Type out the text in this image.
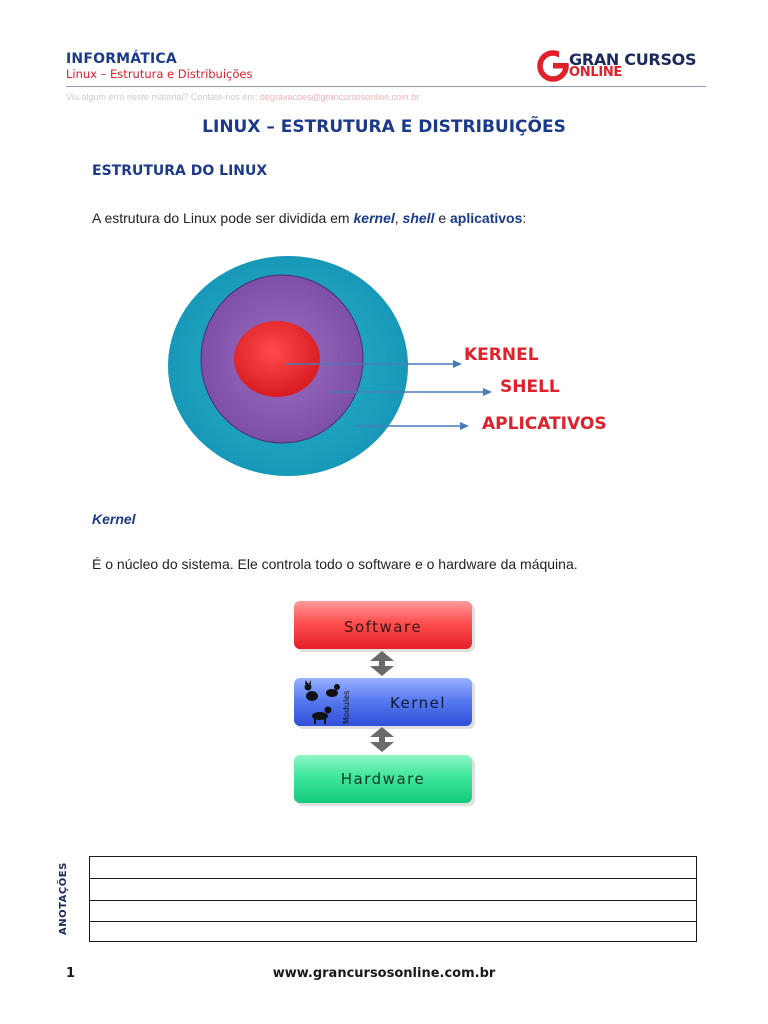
INFORMÁTICA
Linux – Estrutura e Distribuições
GRAN CURSOS
ONLINE
Viu algum erro neste material? Contate-nos em: degravacoes@grancursosonline.com.br
LINUX – ESTRUTURA E DISTRIBUIÇÕES
ESTRUTURA DO LINUX
A estrutura do Linux pode ser dividida em kernel, shell e aplicativos:
KERNEL
SHELL
APLICATIVOS
Kernel
É o núcleo do sistema. Ele controla todo o software e o hardware da máquina.
Software
Modules	Kernel
Hardware
ANOTAÇÕES
1	www.grancursosonline.com.br
